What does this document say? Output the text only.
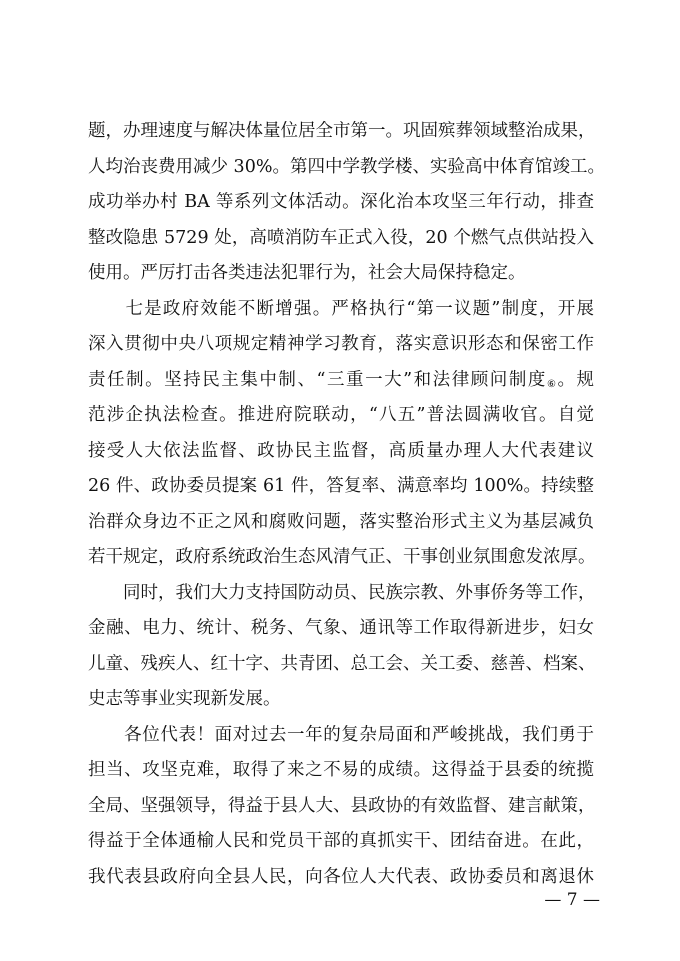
题，办理速度与解决体量位居全市第一。巩固殡葬领域整治成果，
人均治丧费用减少 30%。第四中学教学楼、实验高中体育馆竣工。
成功举办村 BA 等系列文体活动。深化治本攻坚三年行动，排查
整改隐患 5729 处，高喷消防车正式入役，20 个燃气点供站投入
使用。严厉打击各类违法犯罪行为，社会大局保持稳定。
　　七是政府效能不断增强。严格执行“第一议题”制度，开展
深入贯彻中央八项规定精神学习教育，落实意识形态和保密工作
责任制。坚持民主集中制、“三重一大”和法律顾问制度⑥。规
范涉企执法检查。推进府院联动，“八五”普法圆满收官。自觉
接受人大依法监督、政协民主监督，高质量办理人大代表建议
26 件、政协委员提案 61 件，答复率、满意率均 100%。持续整
治群众身边不正之风和腐败问题，落实整治形式主义为基层减负
若干规定，政府系统政治生态风清气正、干事创业氛围愈发浓厚。
　　同时，我们大力支持国防动员、民族宗教、外事侨务等工作，
金融、电力、统计、税务、气象、通讯等工作取得新进步，妇女
儿童、残疾人、红十字、共青团、总工会、关工委、慈善、档案、
史志等事业实现新发展。
　　各位代表！面对过去一年的复杂局面和严峻挑战，我们勇于
担当、攻坚克难，取得了来之不易的成绩。这得益于县委的统揽
全局、坚强领导，得益于县人大、县政协的有效监督、建言献策，
得益于全体通榆人民和党员干部的真抓实干、团结奋进。在此，
我代表县政府向全县人民，向各位人大代表、政协委员和离退休
— 7 —
